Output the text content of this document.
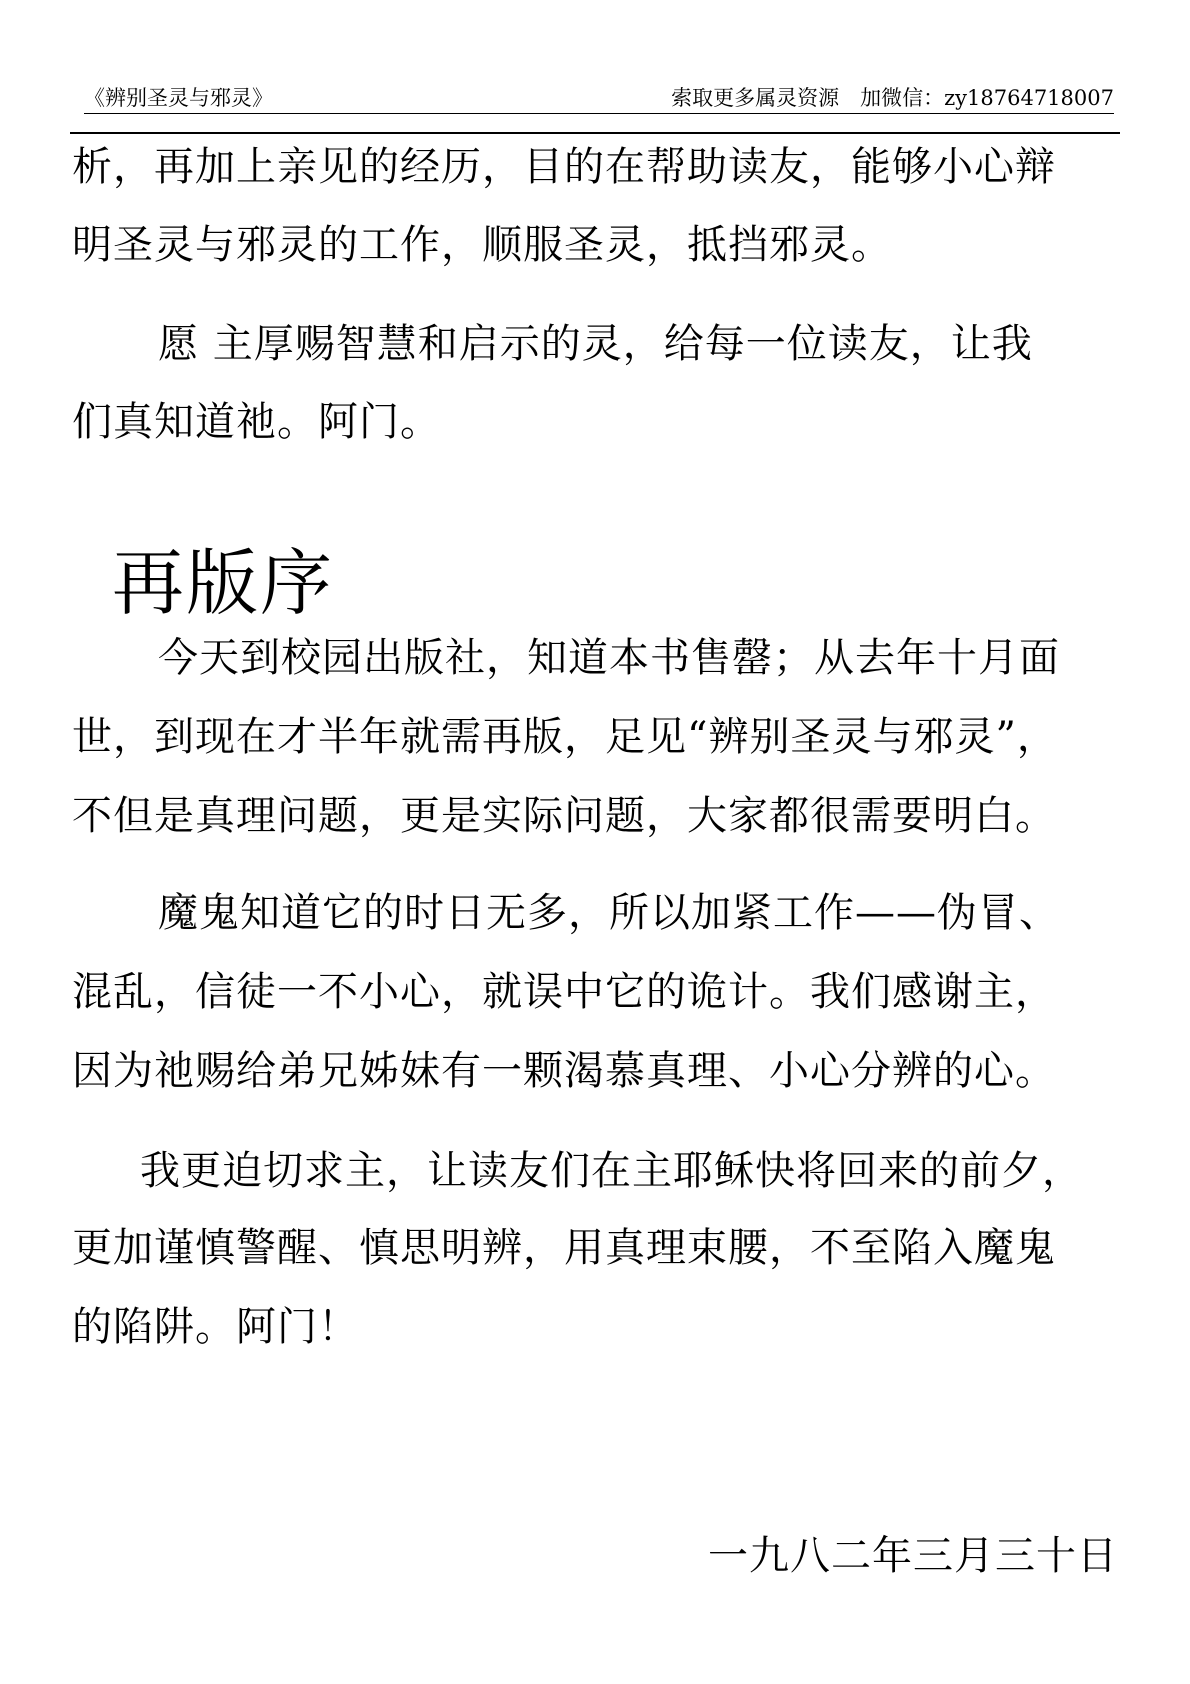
《辨别圣灵与邪灵》	索取更多属灵资源　加微信：zy18764718007
析，再加上亲见的经历，目的在帮助读友，能够小心辩
明圣灵与邪灵的工作，顺服圣灵，抵挡邪灵。
愿 主厚赐智慧和启示的灵，给每一位读友，让我
们真知道祂。阿门。
再版序
今天到校园出版社，知道本书售罄；从去年十月面
世，到现在才半年就需再版，足见“辨别圣灵与邪灵”，
不但是真理问题，更是实际问题，大家都很需要明白。
魔鬼知道它的时日无多，所以加紧工作——伪冒、
混乱，信徒一不小心，就误中它的诡计。我们感谢主，
因为祂赐给弟兄姊妹有一颗渴慕真理、小心分辨的心。
我更迫切求主，让读友们在主耶稣快将回来的前夕，
更加谨慎警醒、慎思明辨，用真理束腰，不至陷入魔鬼
的陷阱。阿门！
一九八二年三月三十日
